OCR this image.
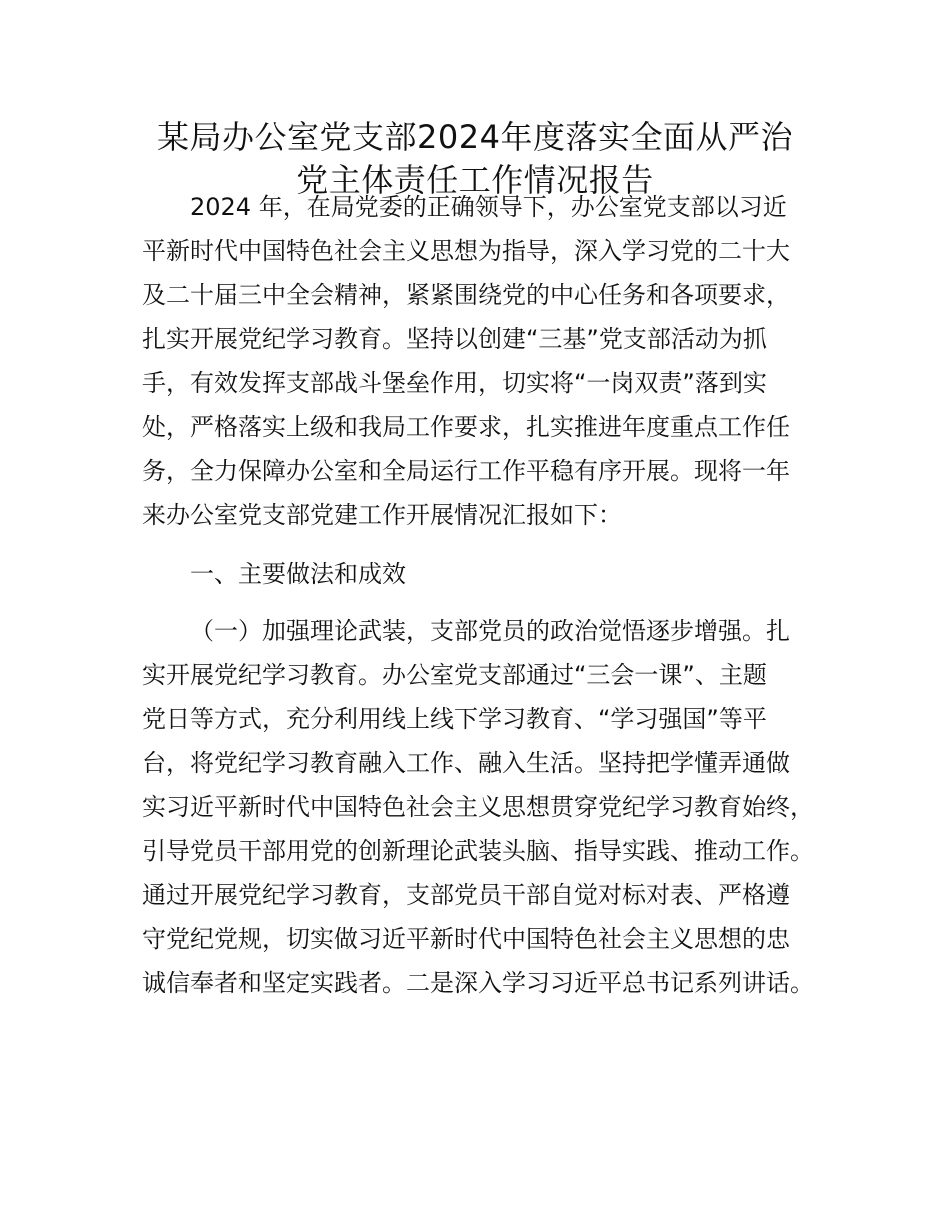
某局办公室党支部2024年度落实全面从严治
党主体责任工作情况报告
2024 年，在局党委的正确领导下，办公室党支部以习近
平新时代中国特色社会主义思想为指导，深入学习党的二十大
及二十届三中全会精神，紧紧围绕党的中心任务和各项要求，
扎实开展党纪学习教育。坚持以创建“三基”党支部活动为抓
手，有效发挥支部战斗堡垒作用，切实将“一岗双责”落到实
处，严格落实上级和我局工作要求，扎实推进年度重点工作任
务，全力保障办公室和全局运行工作平稳有序开展。现将一年
来办公室党支部党建工作开展情况汇报如下：
一、主要做法和成效
（一）加强理论武装，支部党员的政治觉悟逐步增强。扎
实开展党纪学习教育。办公室党支部通过“三会一课”、主题
党日等方式，充分利用线上线下学习教育、“学习强国”等平
台，将党纪学习教育融入工作、融入生活。坚持把学懂弄通做
实习近平新时代中国特色社会主义思想贯穿党纪学习教育始终，
引导党员干部用党的创新理论武装头脑、指导实践、推动工作。
通过开展党纪学习教育，支部党员干部自觉对标对表、严格遵
守党纪党规，切实做习近平新时代中国特色社会主义思想的忠
诚信奉者和坚定实践者。二是深入学习习近平总书记系列讲话。
